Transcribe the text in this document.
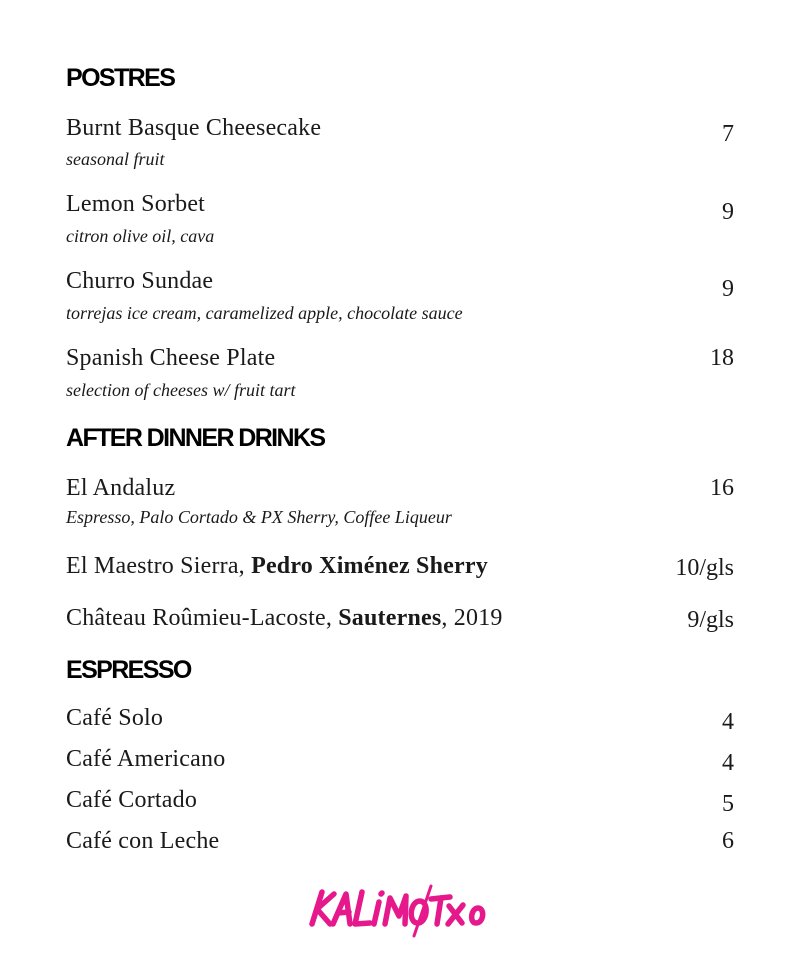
POSTRES
Burnt Basque Cheesecake
seasonal fruit
7
Lemon Sorbet
citron olive oil, cava
9
Churro Sundae
torrejas ice cream, caramelized apple, chocolate sauce
9
Spanish Cheese Plate
selection of cheeses w/ fruit tart
18
AFTER DINNER DRINKS
El Andaluz
Espresso, Palo Cortado & PX Sherry, Coffee Liqueur
16
El Maestro Sierra, Pedro Ximénez Sherry	10/gls
Château Roûmieu-Lacoste, Sauternes, 2019	9/gls
ESPRESSO
Café Solo	4
Café Americano	4
Café Cortado	5
Café con Leche	6
